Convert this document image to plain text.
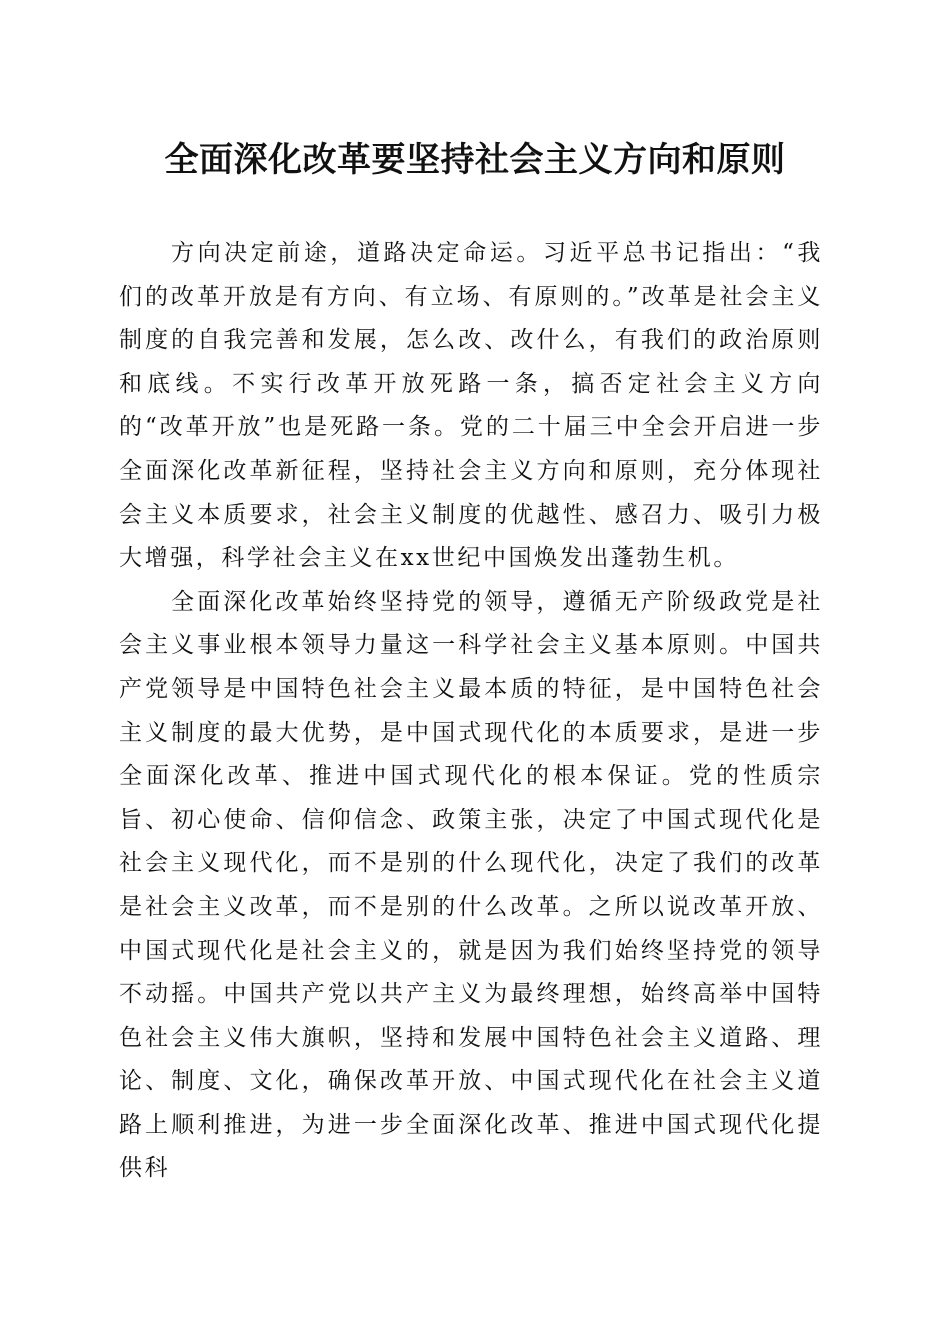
全面深化改革要坚持社会主义方向和原则

方向决定前途，道路决定命运。习近平总书记指出：“我们的改革开放是有方向、有立场、有原则的。”改革是社会主义制度的自我完善和发展，怎么改、改什么，有我们的政治原则和底线。不实行改革开放死路一条，搞否定社会主义方向的“改革开放”也是死路一条。党的二十届三中全会开启进一步全面深化改革新征程，坚持社会主义方向和原则，充分体现社会主义本质要求，社会主义制度的优越性、感召力、吸引力极大增强，科学社会主义在xx世纪中国焕发出蓬勃生机。

全面深化改革始终坚持党的领导，遵循无产阶级政党是社会主义事业根本领导力量这一科学社会主义基本原则。中国共产党领导是中国特色社会主义最本质的特征，是中国特色社会主义制度的最大优势，是中国式现代化的本质要求，是进一步全面深化改革、推进中国式现代化的根本保证。党的性质宗旨、初心使命、信仰信念、政策主张，决定了中国式现代化是社会主义现代化，而不是别的什么现代化，决定了我们的改革是社会主义改革，而不是别的什么改革。之所以说改革开放、中国式现代化是社会主义的，就是因为我们始终坚持党的领导不动摇。中国共产党以共产主义为最终理想，始终高举中国特色社会主义伟大旗帜，坚持和发展中国特色社会主义道路、理论、制度、文化，确保改革开放、中国式现代化在社会主义道路上顺利推进，为进一步全面深化改革、推进中国式现代化提供科
